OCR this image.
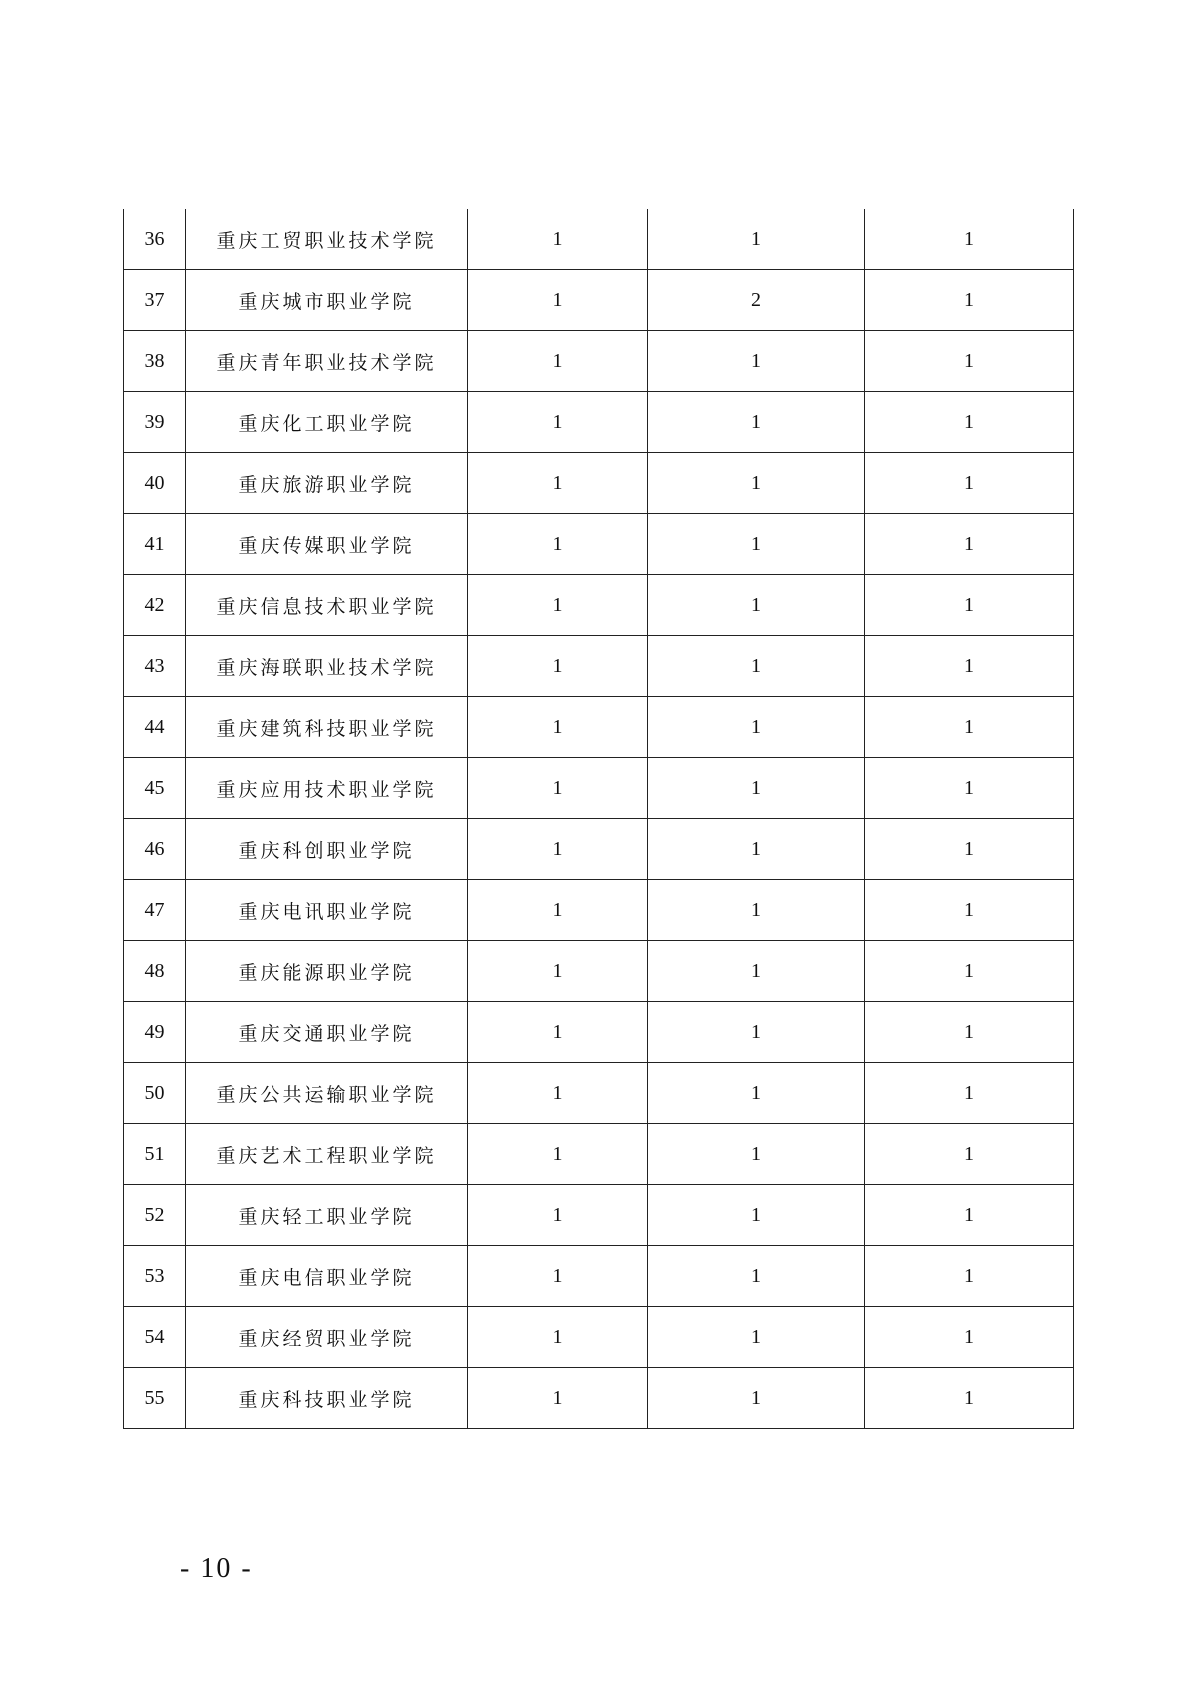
36	重庆工贸职业技术学院	1	1	1
37	重庆城市职业学院	1	2	1
38	重庆青年职业技术学院	1	1	1
39	重庆化工职业学院	1	1	1
40	重庆旅游职业学院	1	1	1
41	重庆传媒职业学院	1	1	1
42	重庆信息技术职业学院	1	1	1
43	重庆海联职业技术学院	1	1	1
44	重庆建筑科技职业学院	1	1	1
45	重庆应用技术职业学院	1	1	1
46	重庆科创职业学院	1	1	1
47	重庆电讯职业学院	1	1	1
48	重庆能源职业学院	1	1	1
49	重庆交通职业学院	1	1	1
50	重庆公共运输职业学院	1	1	1
51	重庆艺术工程职业学院	1	1	1
52	重庆轻工职业学院	1	1	1
53	重庆电信职业学院	1	1	1
54	重庆经贸职业学院	1	1	1
55	重庆科技职业学院	1	1	1
- 10 -
